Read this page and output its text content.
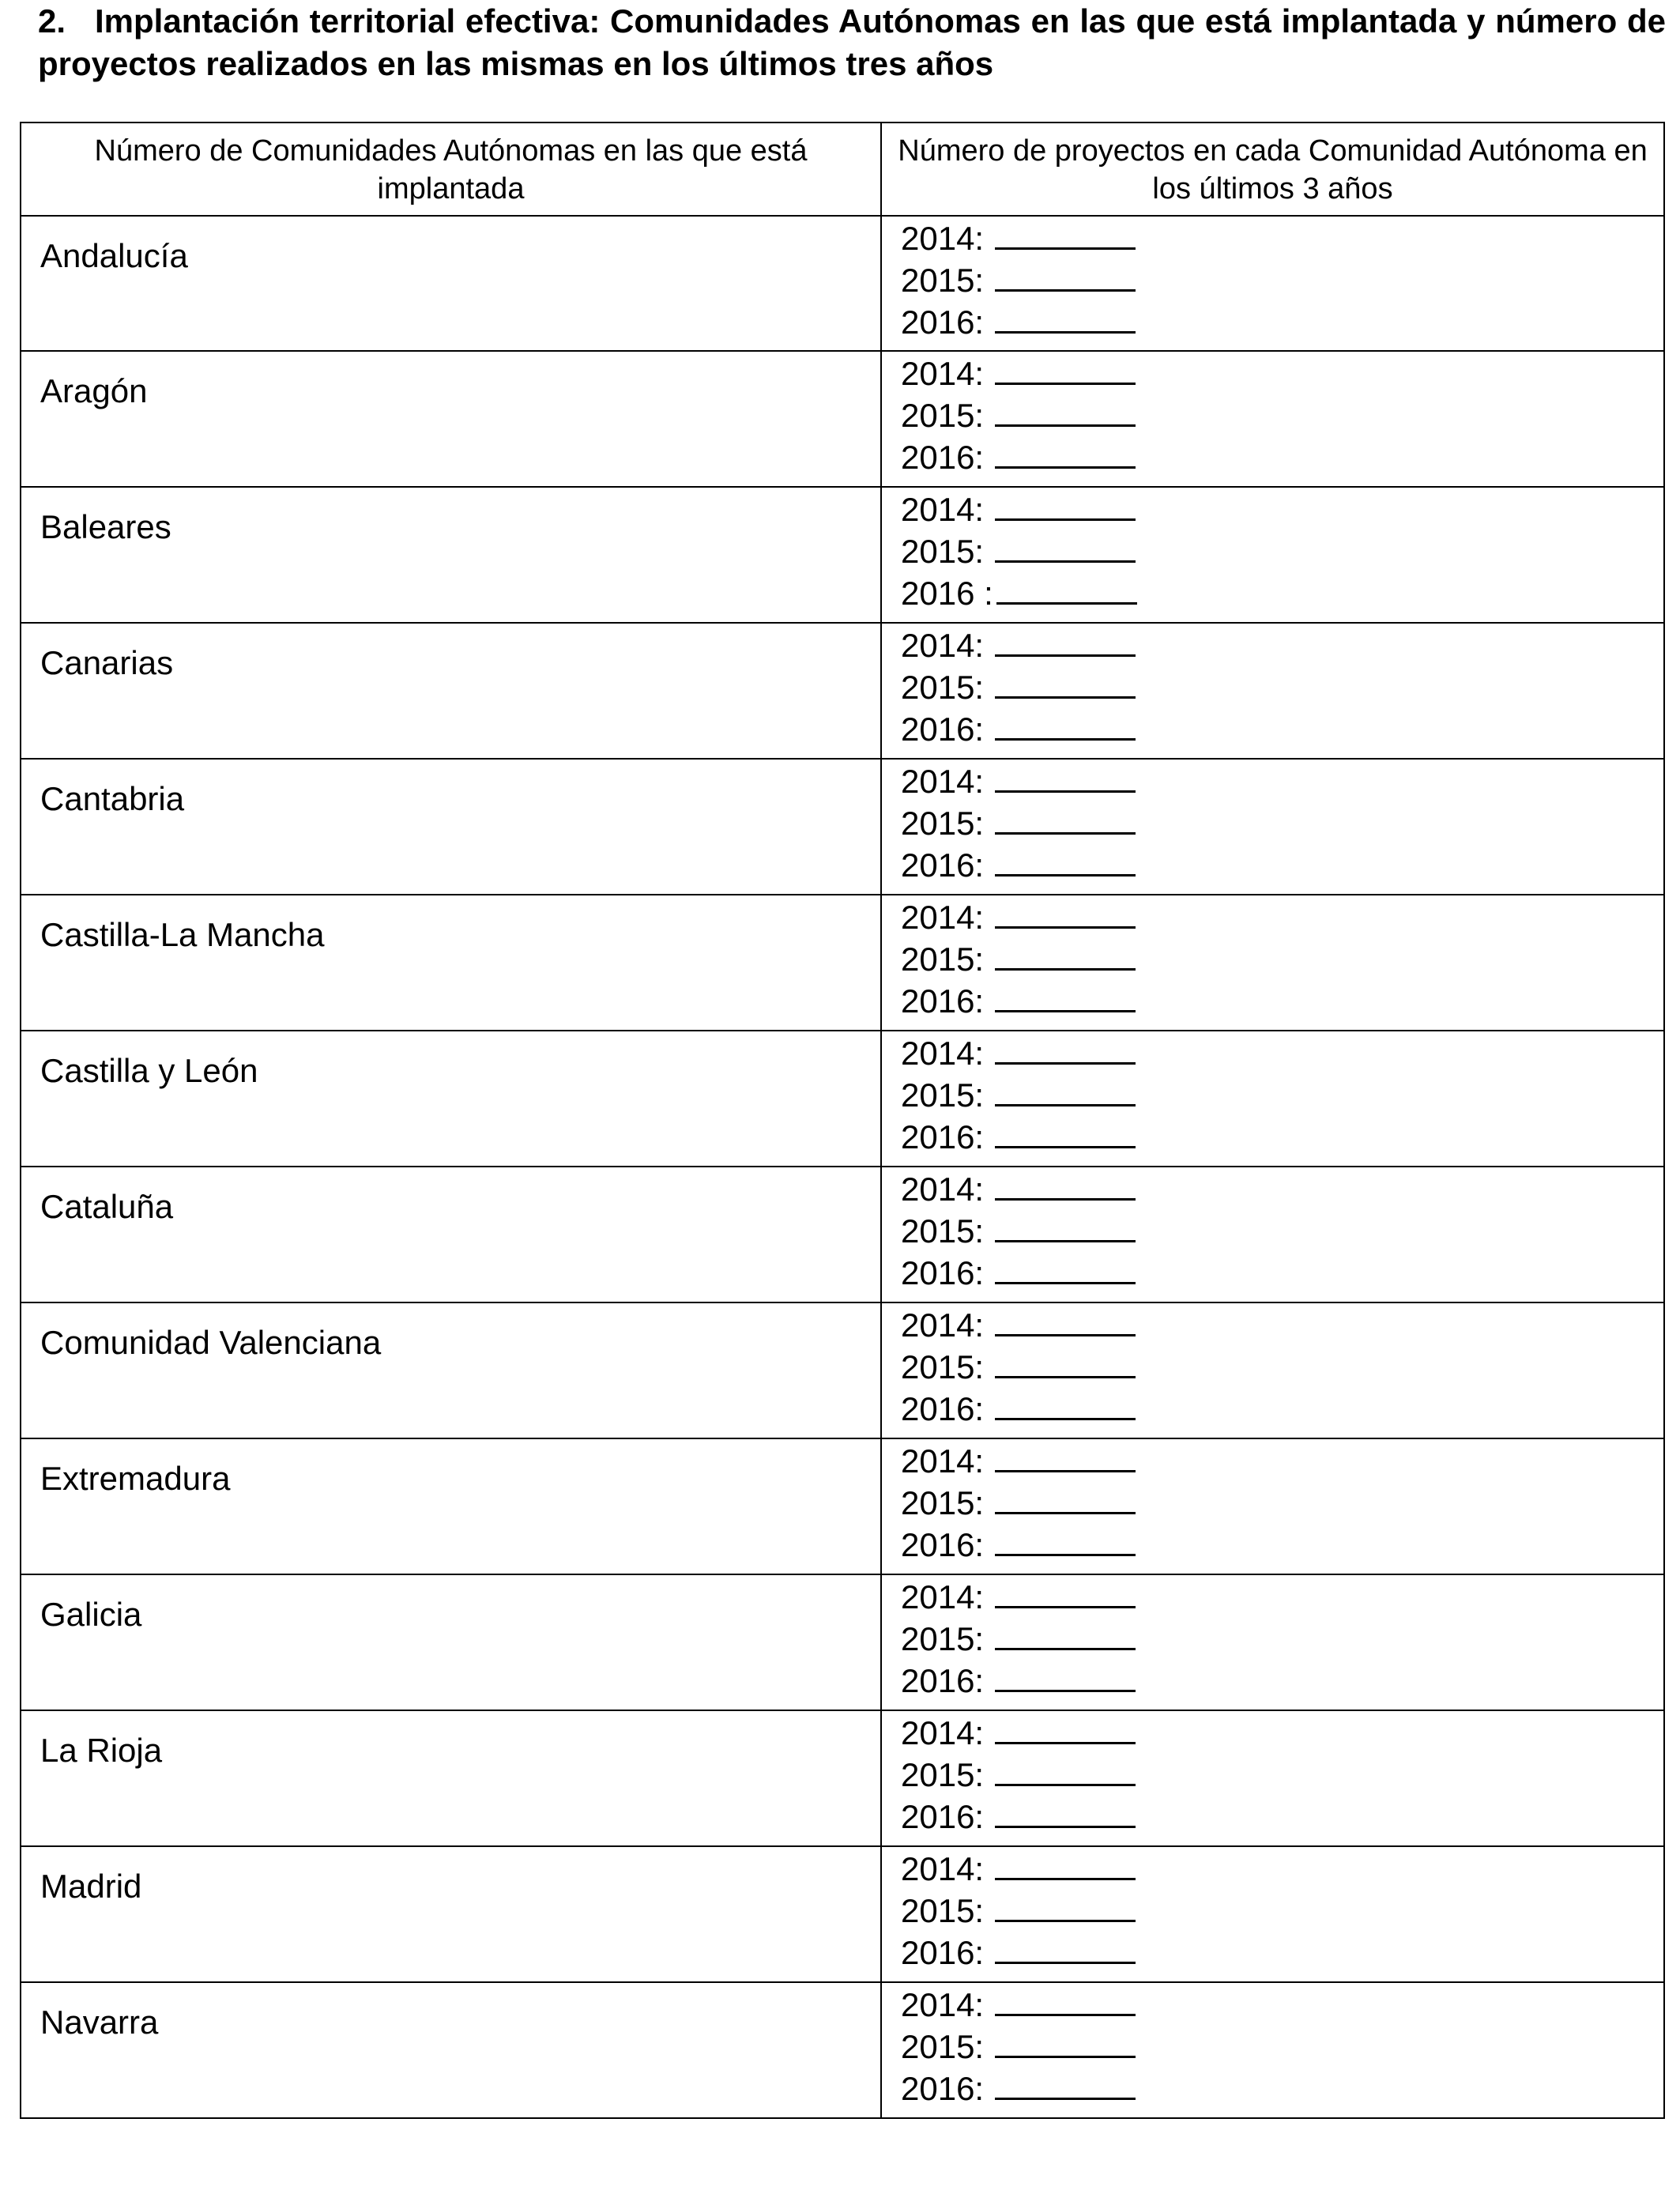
2. Implantación territorial efectiva: Comunidades Autónomas en las que está implantada y número de proyectos realizados en las mismas en los últimos tres años
Número de Comunidades Autónomas en las que está implantada	Número de proyectos en cada Comunidad Autónoma en los últimos 3 años

Andalucía	2014:
2015:
2016:

Aragón	2014:
2015:
2016:

Baleares	2014:
2015:
2016 :

Canarias	2014:
2015:
2016:

Cantabria	2014:
2015:
2016:

Castilla-La Mancha	2014:
2015:
2016:

Castilla y León	2014:
2015:
2016:

Cataluña	2014:
2015:
2016:

Comunidad Valenciana	2014:
2015:
2016:

Extremadura	2014:
2015:
2016:

Galicia	2014:
2015:
2016:

La Rioja	2014:
2015:
2016:

Madrid	2014:
2015:
2016:

Navarra	2014:
2015:
2016:
